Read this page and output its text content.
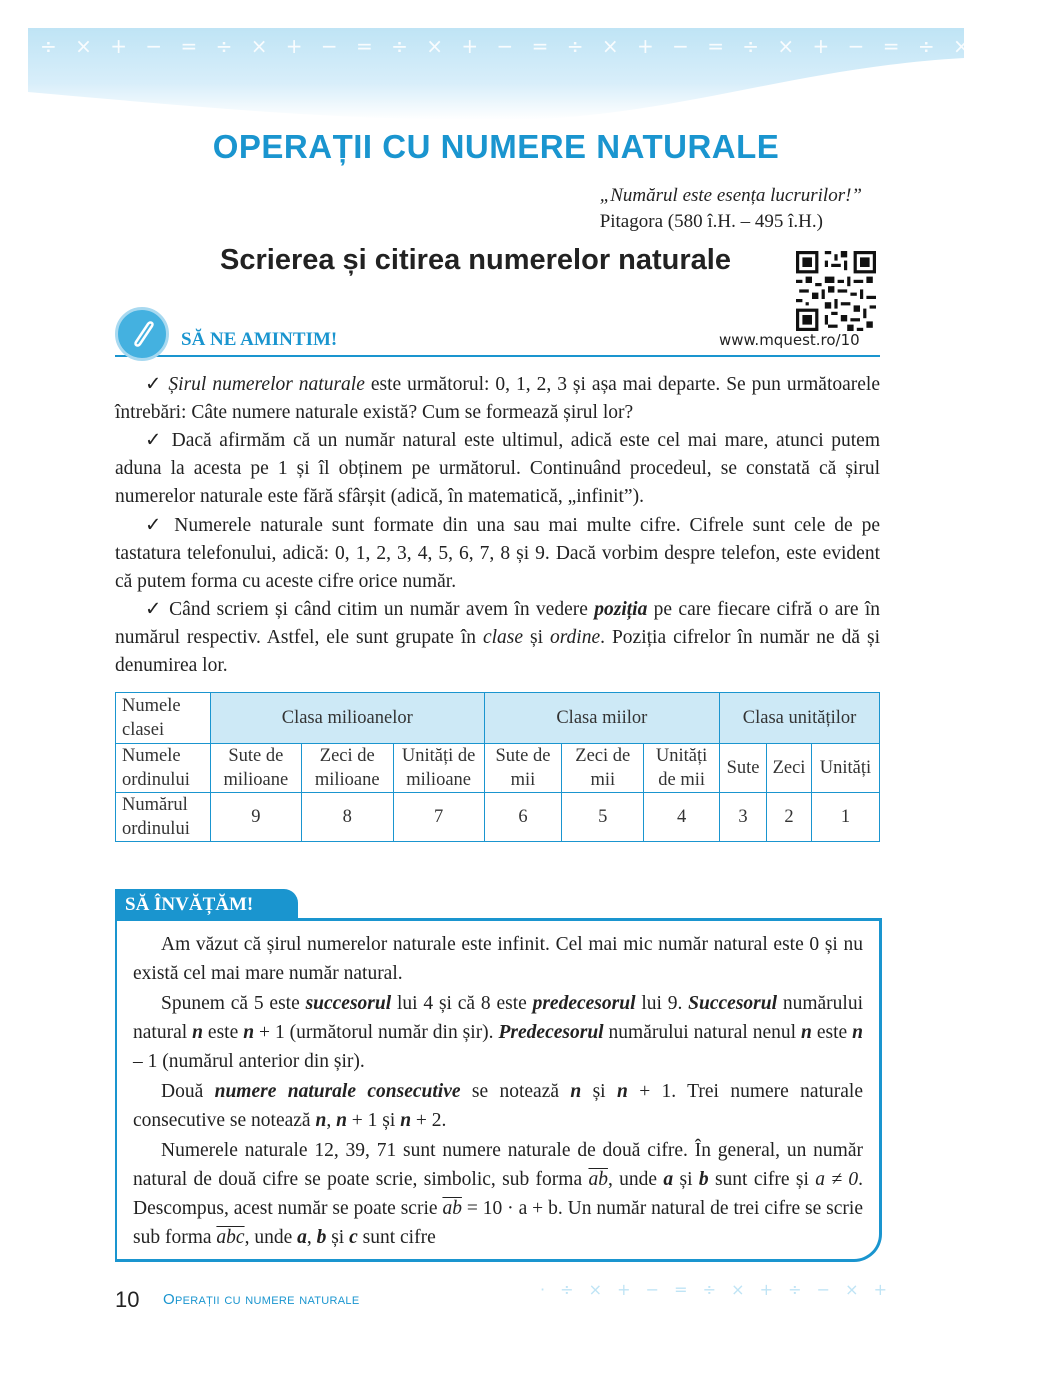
÷ × + − = ÷ × + − = ÷ × + − = ÷ × + − = ÷ × + − = ÷ × + −
OPERAȚII CU NUMERE NATURALE
„Numărul este esența lucrurilor!”
Pitagora (580 î.H. – 495 î.H.)
Scrierea și citirea numerelor naturale
www.mquest.ro/10
SĂ NE AMINTIM!
✓ Șirul numerelor naturale este următorul: 0, 1, 2, 3 și așa mai departe. Se pun următoarele întrebări: Câte numere naturale există? Cum se formează șirul lor?
✓ Dacă afirmăm că un număr natural este ultimul, adică este cel mai mare, atunci putem aduna la acesta pe 1 și îl obținem pe următorul. Continuând procedeul, se constată că șirul numerelor naturale este fără sfârșit (adică, în matematică, „infinit”).
✓ Numerele naturale sunt formate din una sau mai multe cifre. Cifrele sunt cele de pe tastatura telefonului, adică: 0, 1, 2, 3, 4, 5, 6, 7, 8 și 9. Dacă vorbim despre telefon, este evident că putem forma cu aceste cifre orice număr.
✓ Când scriem și când citim un număr avem în vedere poziția pe care fiecare cifră o are în numărul respectiv. Astfel, ele sunt grupate în clase și ordine. Poziția cifrelor în număr ne dă și denumirea lor.
Numele clasei	Clasa milioanelor			Clasa miilor			Clasa unităților		
Numele ordinului	Sute de milioane	Zeci de milioane	Unități de milioane	Sute de mii	Zeci de mii	Unități de mii	Sute	Zeci	Unități
Numărul ordinului	9	8	7	6	5	4	3	2	1
SĂ ÎNVĂȚĂM!

Am văzut că șirul numerelor naturale este infinit. Cel mai mic număr natural este 0 și nu există cel mai mare număr natural.

Spunem că 5 este succesorul lui 4 și că 8 este predecesorul lui 9. Succesorul numărului natural n este n + 1 (următorul număr din șir). Predecesorul numărului natural nenul n este n – 1 (numărul anterior din șir).

Două numere naturale consecutive se notează n și n + 1. Trei numere naturale consecutive se notează n, n + 1 și n + 2.

Numerele naturale 12, 39, 71 sunt numere naturale de două cifre. În general, un număr natural de două cifre se poate scrie, simbolic, sub forma $\overline{ab}$, unde a și b sunt cifre și a ≠ 0. Descompus, acest număr se poate scrie $\overline{ab} = 10 \cdot a + b$. Un număr natural de trei cifre se scrie sub forma $\overline{abc}$, unde a, b și c sunt cifre

10 Operații cu numere naturale
· ÷ × + − = ÷ × + ÷ − × +
